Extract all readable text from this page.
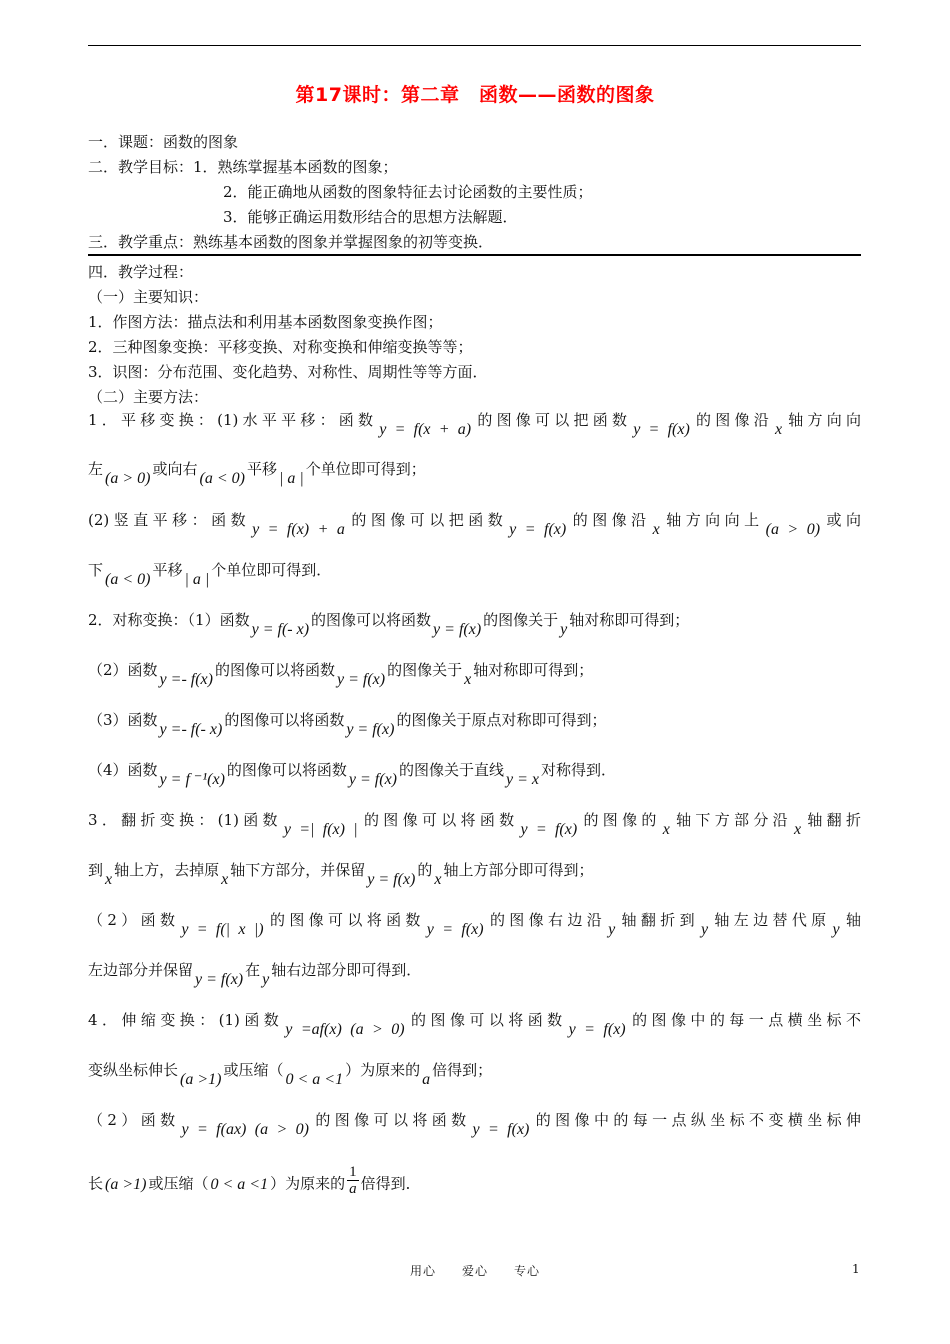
第17课时：第二章　函数——函数的图象
一．课题：函数的图象
二．教学目标：1．熟练掌握基本函数的图象；
2．能正确地从函数的图象特征去讨论函数的主要性质；
3．能够正确运用数形结合的思想方法解题．
三．教学重点：熟练基本函数的图象并掌握图象的初等变换．
四．教学过程：
（一）主要知识：
1．作图方法：描点法和利用基本函数图象变换作图；
2．三种图象变换：平移变换、对称变换和伸缩变换等等；
3．识图：分布范围、变化趋势、对称性、周期性等等方面．
（二）主要方法：
1．平移变换：(1)水平平移：函数y = f(x + a)的图像可以把函数y = f(x)的图像沿x轴方向向
左(a > 0)或向右(a < 0)平移| a |个单位即可得到；
(2)竖直平移：函数y = f(x) + a的图像可以把函数y = f(x)的图像沿x轴方向向上(a > 0)或向
下(a < 0)平移| a |个单位即可得到．
2．对称变换：（1）函数y = f(- x)的图像可以将函数y = f(x)的图像关于y轴对称即可得到；
（2）函数y =- f(x)的图像可以将函数y = f(x)的图像关于x轴对称即可得到；
（3）函数y =- f(- x)的图像可以将函数y = f(x)的图像关于原点对称即可得到；
（4）函数y = f ⁻¹(x)的图像可以将函数y = f(x)的图像关于直线y = x对称得到．
3．翻折变换：(1)函数y =| f(x) |的图像可以将函数y = f(x)的图像的x轴下方部分沿x轴翻折
到x轴上方，去掉原x轴下方部分，并保留y = f(x)的x轴上方部分即可得到；
（2）函数y = f(| x |)的图像可以将函数y = f(x)的图像右边沿y轴翻折到y轴左边替代原y轴
左边部分并保留y = f(x)在y轴右边部分即可得到．
4．伸缩变换：(1)函数y =af(x) (a > 0)的图像可以将函数y = f(x)的图像中的每一点横坐标不
变纵坐标伸长(a >1)或压缩（0 < a <1）为原来的a倍得到；
（2）函数y = f(ax) (a > 0)的图像可以将函数y = f(x)的图像中的每一点纵坐标不变横坐标伸
长 (a >1) 或压缩（ 0 < a <1 ）为原来的 $\frac{1}{a}$ 倍得到．
用心　　爱心　　专心	1
